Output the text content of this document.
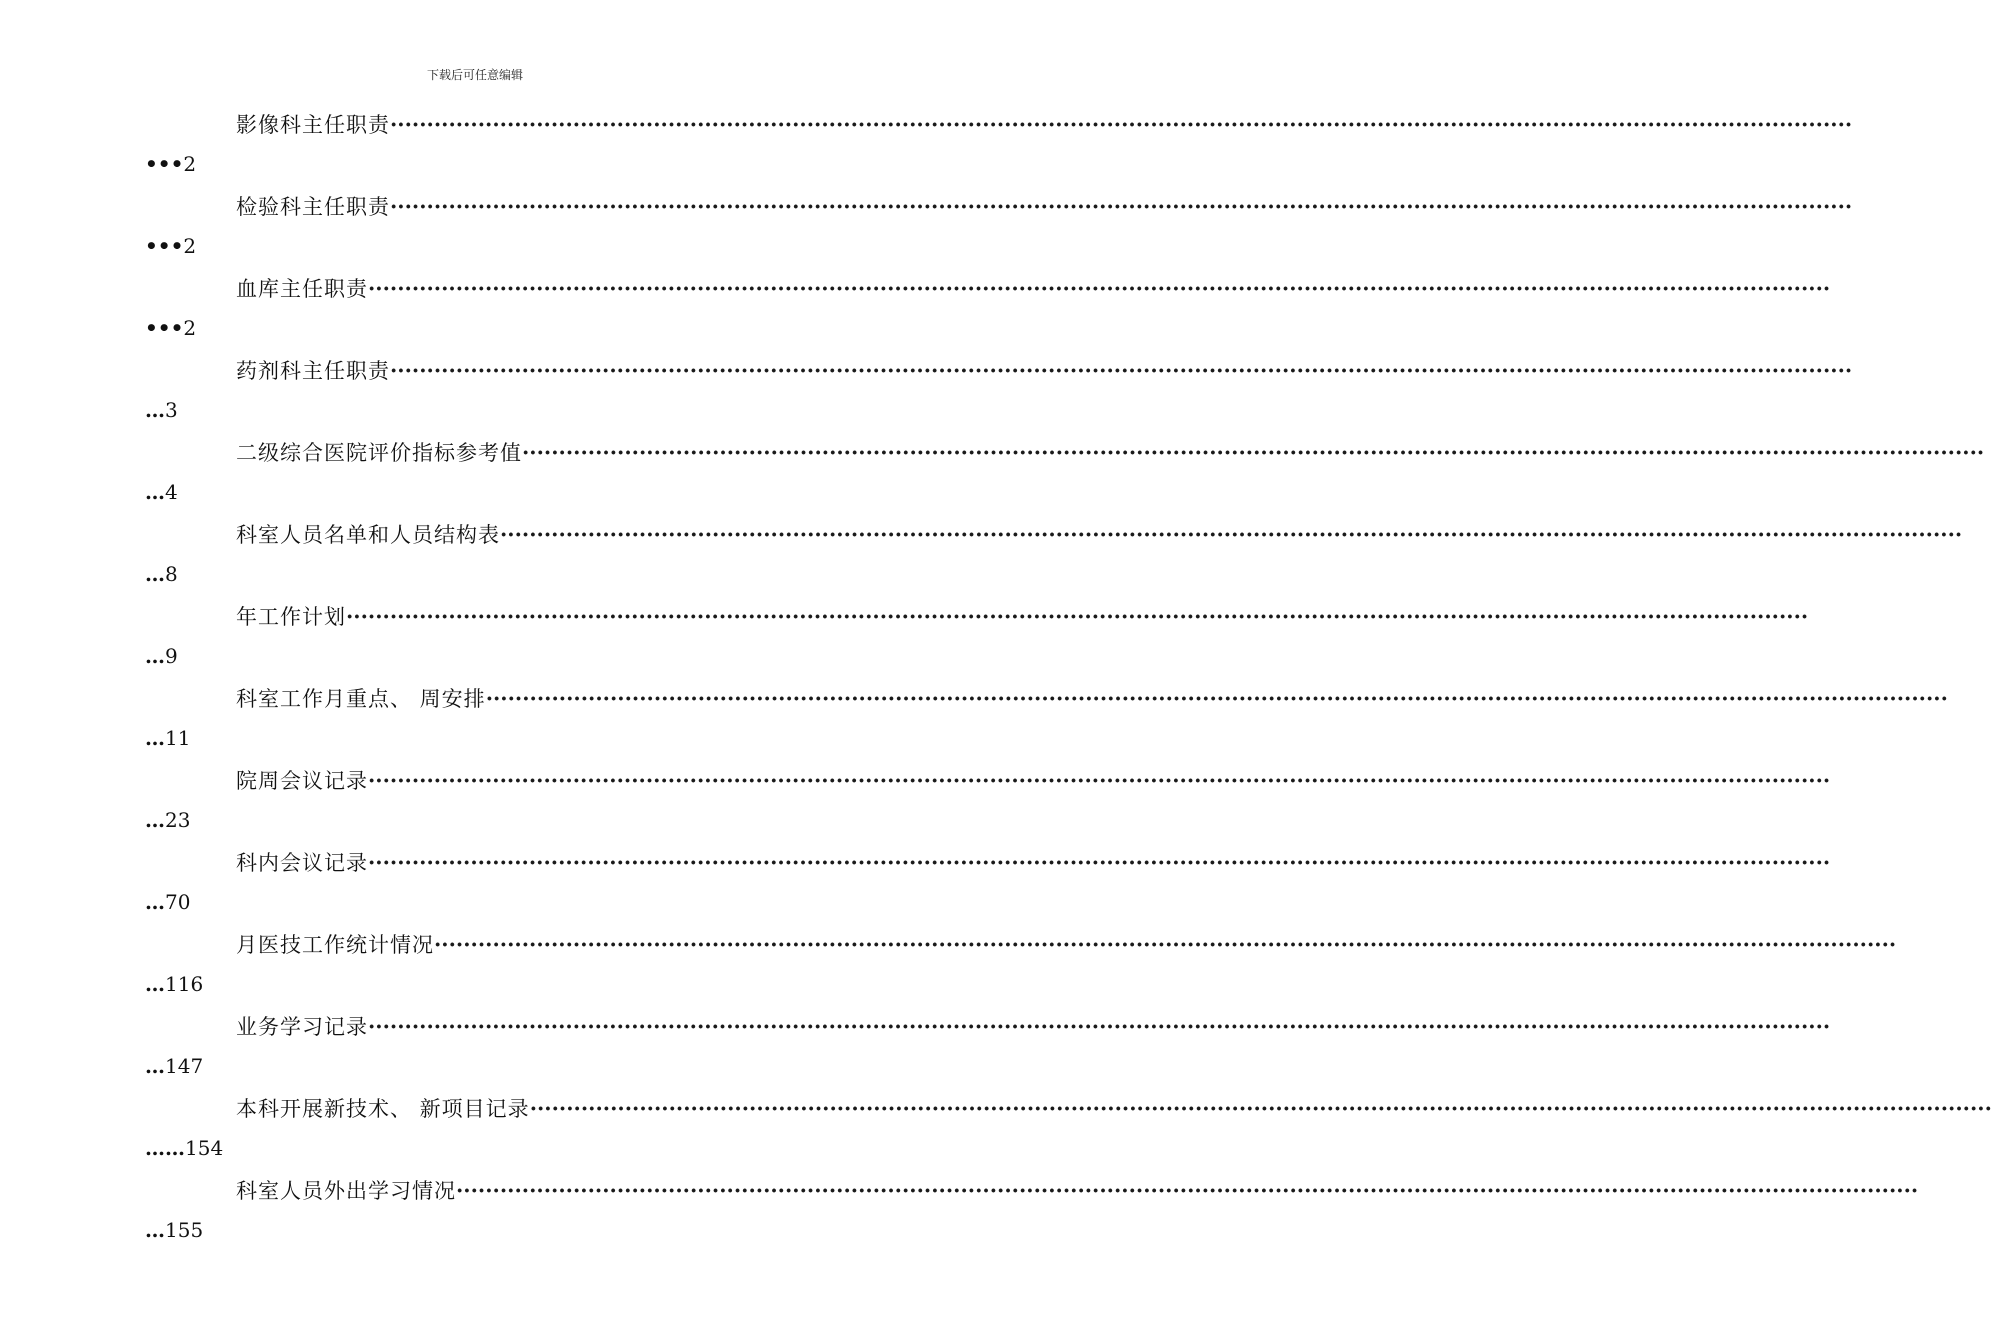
下载后可任意编辑
影像科主任职责 ········································································································································································································
••• 2
检验科主任职责 ········································································································································································································
••• 2
血库主任职责 ········································································································································································································
••• 2
药剂科主任职责 ········································································································································································································
… 3
二级综合医院评价指标参考值 ········································································································································································································
… 4
科室人员名单和人员结构表 ········································································································································································································
… 8
年工作计划 ········································································································································································································
… 9
科室工作月重点、 周安排 ········································································································································································································
… 11
院周会议记录 ········································································································································································································
… 23
科内会议记录 ········································································································································································································
… 70
月医技工作统计情况 ········································································································································································································
… 116
业务学习记录 ········································································································································································································
… 147
本科开展新技术、 新项目记录 ········································································································································································································
…… 154
科室人员外出学习情况 ········································································································································································································
… 155
